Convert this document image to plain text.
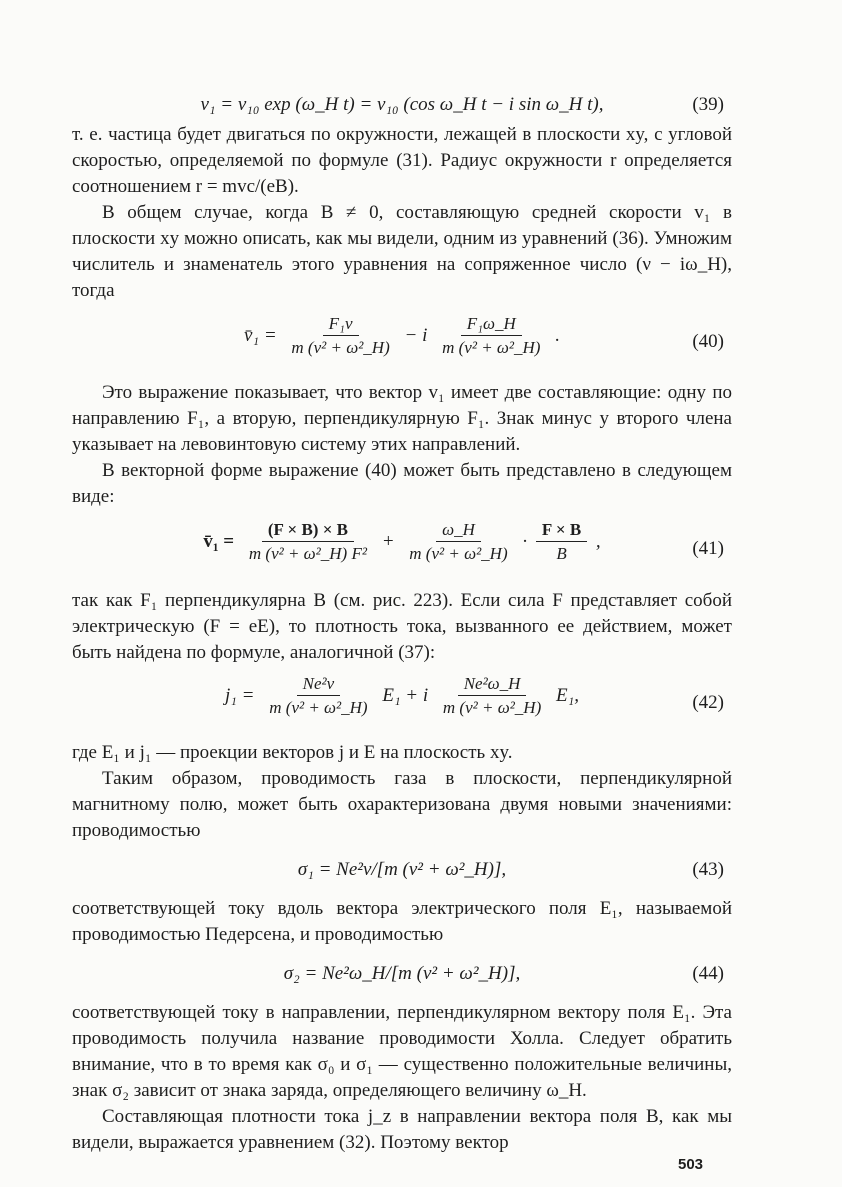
v₁ = v₁₀ exp (ω_H t) = v₁₀ (cos ω_H t − i sin ω_H t),	(39)

т. е. частица будет двигаться по окружности, лежащей в плоскости xy, с угловой скоростью, определяемой по формуле (31). Радиус окружности r определяется соотношением r = mvc/(eB).

В общем случае, когда B ≠ 0, составляющую средней скорости v₁ в плоскости xy можно описать, как мы видели, одним из уравнений (36). Умножим числитель и знаменатель этого уравнения на сопряженное число (ν − iω_H), тогда

v̄₁ = $\frac{\text{F₁ν}}{\text{m (ν² + ω²\_H)}} - i \frac{\text{F₁ω\_H}}{\text{m (ν² + ω²\_H)}}$ .	(40)

Это выражение показывает, что вектор v₁ имеет две составляющие: одну по направлению F₁, а вторую, перпендикулярную F₁. Знак минус у второго члена указывает на левовинтовую систему этих направлений.

В векторной форме выражение (40) может быть представлено в следующем виде:

v̄₁ = $\frac{(F \times B) \times B}{\text{m (ν² + ω²\_H) F²}} + \frac{\omega\_H}{\text{m (ν² + ω²\_H)}} \cdot \frac{F \times B}{B}$ ,	(41)

так как F₁ перпендикулярна B (см. рис. 223). Если сила F представляет собой электрическую (F = eE), то плотность тока, вызванного ее действием, может быть найдена по формуле, аналогичной (37):

$j_1 = \frac{\text{Ne²ν}}{\text{m (ν² + ω²\_H)}} E_1 + i \frac{\text{Ne²ω\_H}}{\text{m (ν² + ω²\_H)}} E_1$,	(42)

где E₁ и j₁ — проекции векторов j и E на плоскость xy.

Таким образом, проводимость газа в плоскости, перпендикулярной магнитному полю, может быть охарактеризована двумя новыми значениями: проводимостью

σ₁ = Ne²ν/[m (ν² + ω²_H)],	(43)

соответствующей току вдоль вектора электрического поля E₁, называемой проводимостью Педерсена, и проводимостью

σ₂ = Ne²ω_H/[m (ν² + ω²_H)],	(44)

соответствующей току в направлении, перпендикулярном вектору поля E₁. Эта проводимость получила название проводимости Холла. Следует обратить внимание, что в то время как σ₀ и σ₁ — существенно положительные величины, знак σ₂ зависит от знака заряда, определяющего величину ω_H.

Составляющая плотности тока j_z в направлении вектора поля B, как мы видели, выражается уравнением (32). Поэтому вектор

503
